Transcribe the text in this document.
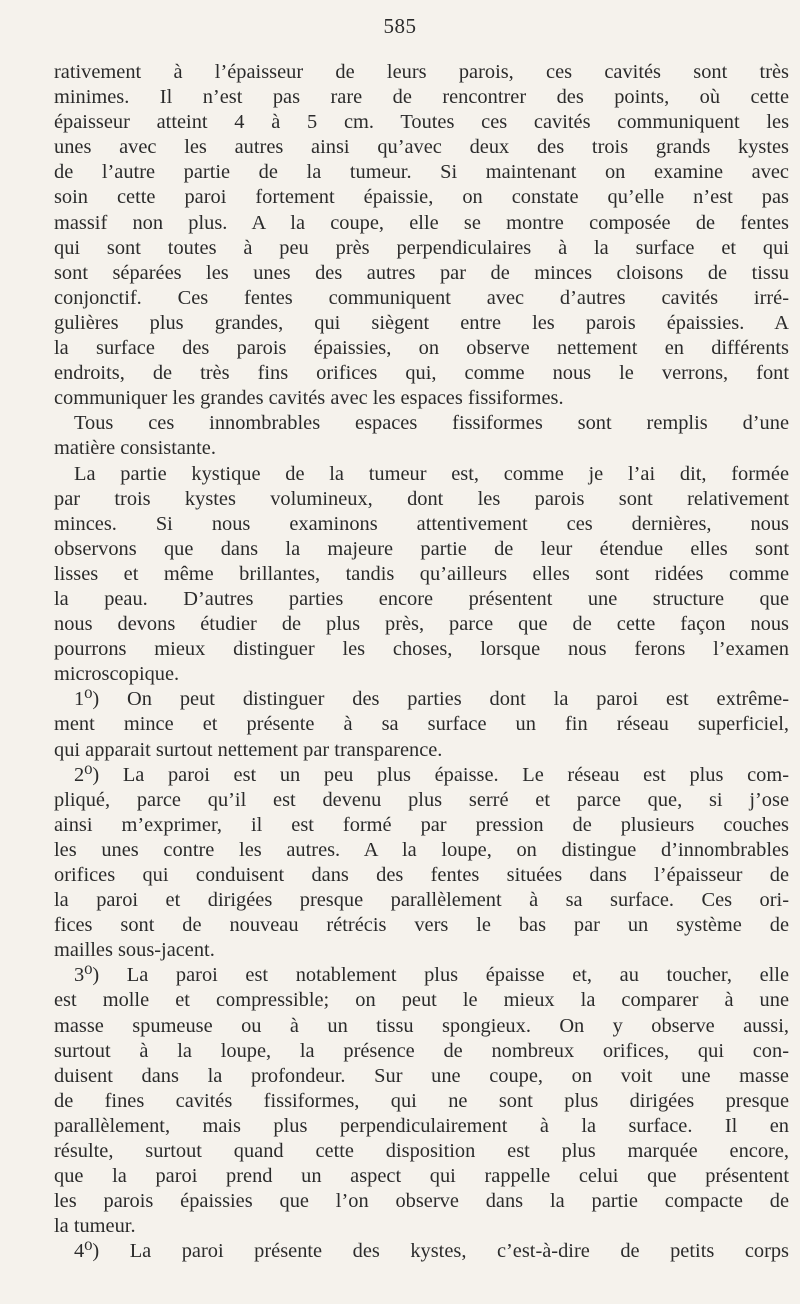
585
rativement à l’épaisseur de leurs parois, ces cavités sont très
minimes. Il n’est pas rare de rencontrer des points, où cette
épaisseur atteint 4 à 5 cm. Toutes ces cavités communiquent les
unes avec les autres ainsi qu’avec deux des trois grands kystes
de l’autre partie de la tumeur. Si maintenant on examine avec
soin cette paroi fortement épaissie, on constate qu’elle n’est pas
massif non plus. A la coupe, elle se montre composée de fentes
qui sont toutes à peu près perpendiculaires à la surface et qui
sont séparées les unes des autres par de minces cloisons de tissu
conjonctif. Ces fentes communiquent avec d’autres cavités irré-
gulières plus grandes, qui siègent entre les parois épaissies. A
la surface des parois épaissies, on observe nettement en différents
endroits, de très fins orifices qui, comme nous le verrons, font
communiquer les grandes cavités avec les espaces fissiformes.
Tous ces innombrables espaces fissiformes sont remplis d’une
matière consistante.
La partie kystique de la tumeur est, comme je l’ai dit, formée
par trois kystes volumineux, dont les parois sont relativement
minces. Si nous examinons attentivement ces dernières, nous
observons que dans la majeure partie de leur étendue elles sont
lisses et même brillantes, tandis qu’ailleurs elles sont ridées comme
la peau. D’autres parties encore présentent une structure que
nous devons étudier de plus près, parce que de cette façon nous
pourrons mieux distinguer les choses, lorsque nous ferons l’examen
microscopique.
1⁰) On peut distinguer des parties dont la paroi est extrême-
ment mince et présente à sa surface un fin réseau superficiel,
qui apparait surtout nettement par transparence.
2⁰) La paroi est un peu plus épaisse. Le réseau est plus com-
pliqué, parce qu’il est devenu plus serré et parce que, si j’ose
ainsi m’exprimer, il est formé par pression de plusieurs couches
les unes contre les autres. A la loupe, on distingue d’innombrables
orifices qui conduisent dans des fentes situées dans l’épaisseur de
la paroi et dirigées presque parallèlement à sa surface. Ces ori-
fices sont de nouveau rétrécis vers le bas par un système de
mailles sous-jacent.
3⁰) La paroi est notablement plus épaisse et, au toucher, elle
est molle et compressible; on peut le mieux la comparer à une
masse spumeuse ou à un tissu spongieux. On y observe aussi,
surtout à la loupe, la présence de nombreux orifices, qui con-
duisent dans la profondeur. Sur une coupe, on voit une masse
de fines cavités fissiformes, qui ne sont plus dirigées presque
parallèlement, mais plus perpendiculairement à la surface. Il en
résulte, surtout quand cette disposition est plus marquée encore,
que la paroi prend un aspect qui rappelle celui que présentent
les parois épaissies que l’on observe dans la partie compacte de
la tumeur.
4⁰) La paroi présente des kystes, c’est-à-dire de petits corps
